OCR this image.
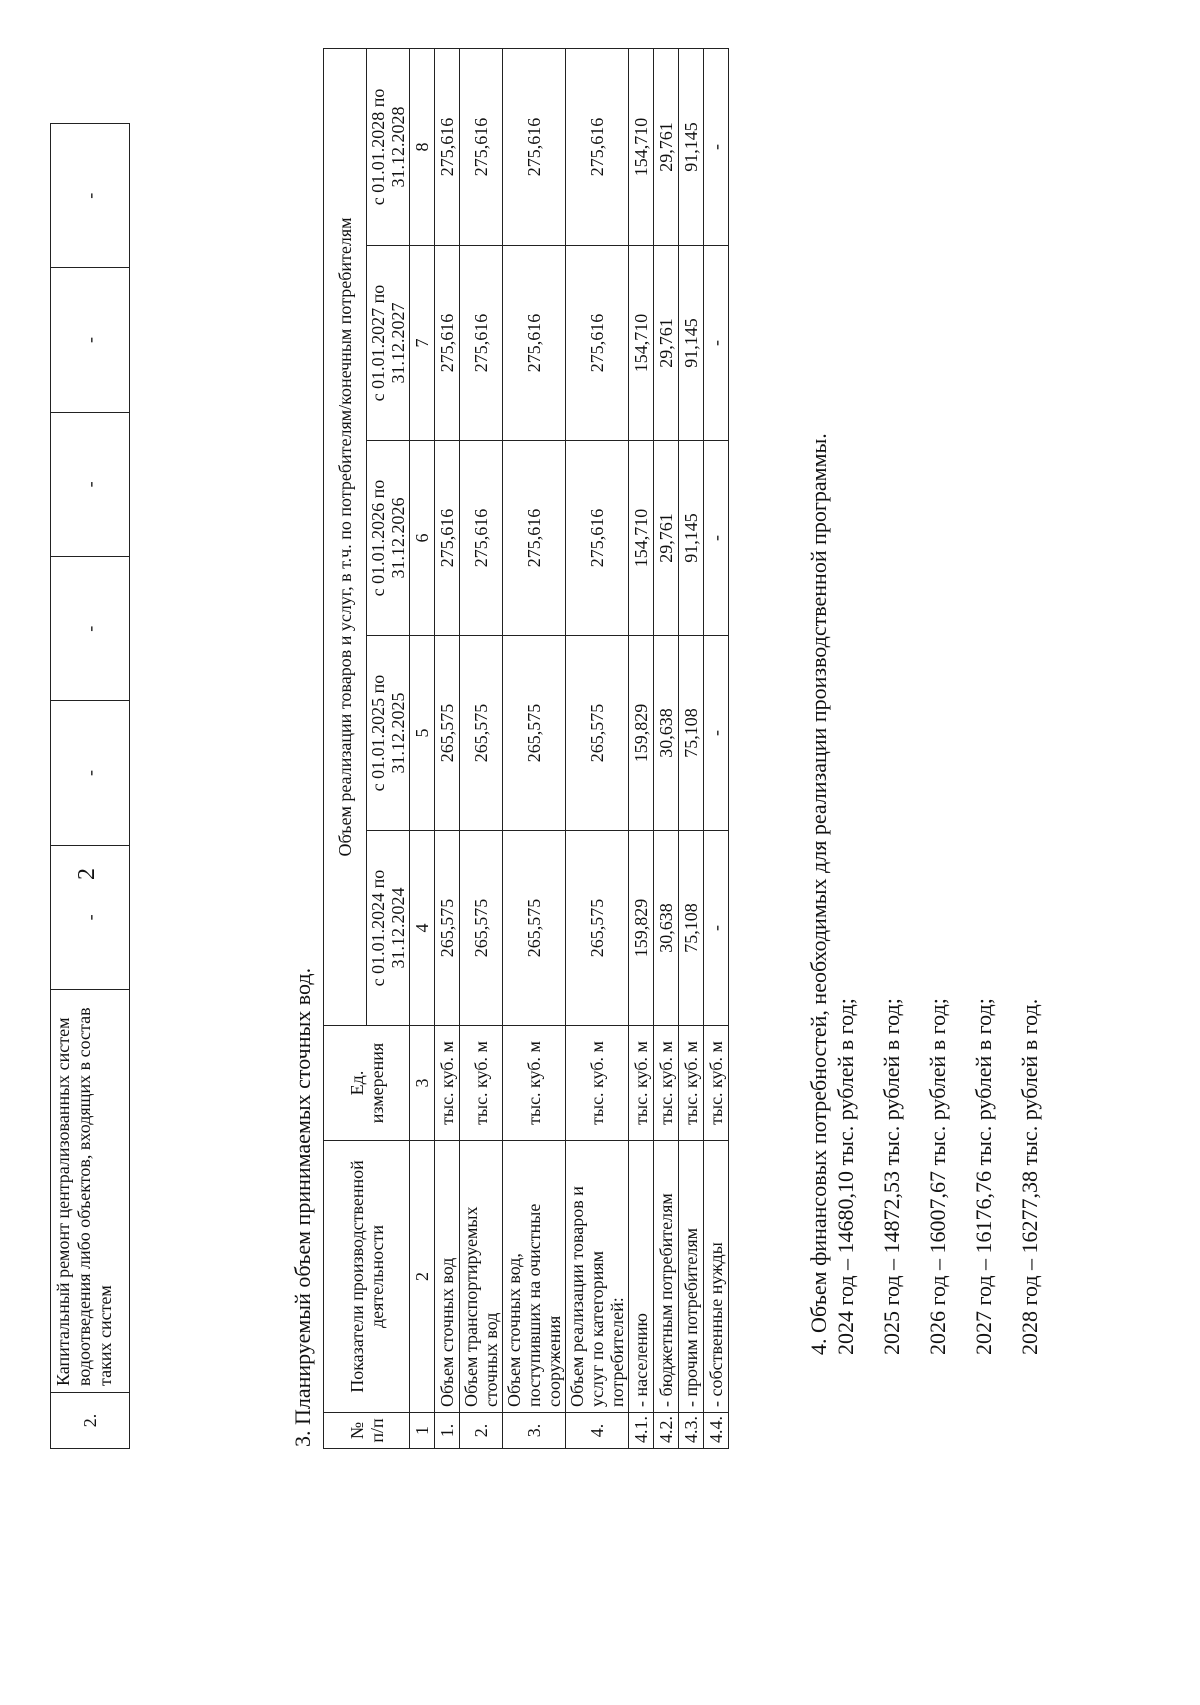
2
2.	Капитальный ремонт централизованных систем водоотведения либо объектов, входящих в состав таких систем	-	-	-	-	-	-
3. Планируемый объем принимаемых сточных вод. № п/п	Показатели производственной деятельности	Ед. измерения	Объем реализации товаров и услуг, в т.ч. по потребителям/конечным потребителям				
			с 01.01.2024 по 31.12.2024	с 01.01.2025 по 31.12.2025	с 01.01.2026 по 31.12.2026	с 01.01.2027 по 31.12.2027	с 01.01.2028 по 31.12.2028
1	2	3	4	5	6	7	8
1.	Объем сточных вод	тыс. куб. м	265,575	265,575	275,616	275,616	275,616
2.	Объем транспортируемых сточных вод	тыс. куб. м	265,575	265,575	275,616	275,616	275,616
3.	Объем сточных вод, поступивших на очистные сооружения	тыс. куб. м	265,575	265,575	275,616	275,616	275,616
4.	Объем реализации товаров и услуг по категориям потребителей:	тыс. куб. м	265,575	265,575	275,616	275,616	275,616
4.1.	- населению	тыс. куб. м	159,829	159,829	154,710	154,710	154,710
4.2.	- бюджетным потребителям	тыс. куб. м	30,638	30,638	29,761	29,761	29,761
4.3.	- прочим потребителям	тыс. куб. м	75,108	75,108	91,145	91,145	91,145
4.4.	- собственные нужды	тыс. куб. м	-	-	-	-	-
4. Объем финансовых потребностей, необходимых для реализации производственной программы. 2024 год – 14680,10 тыс. рублей в год; 2025 год – 14872,53 тыс. рублей в год; 2026 год – 16007,67 тыс. рублей в год; 2027 год – 16176,76 тыс. рублей в год; 2028 год – 16277,38 тыс. рублей в год.
